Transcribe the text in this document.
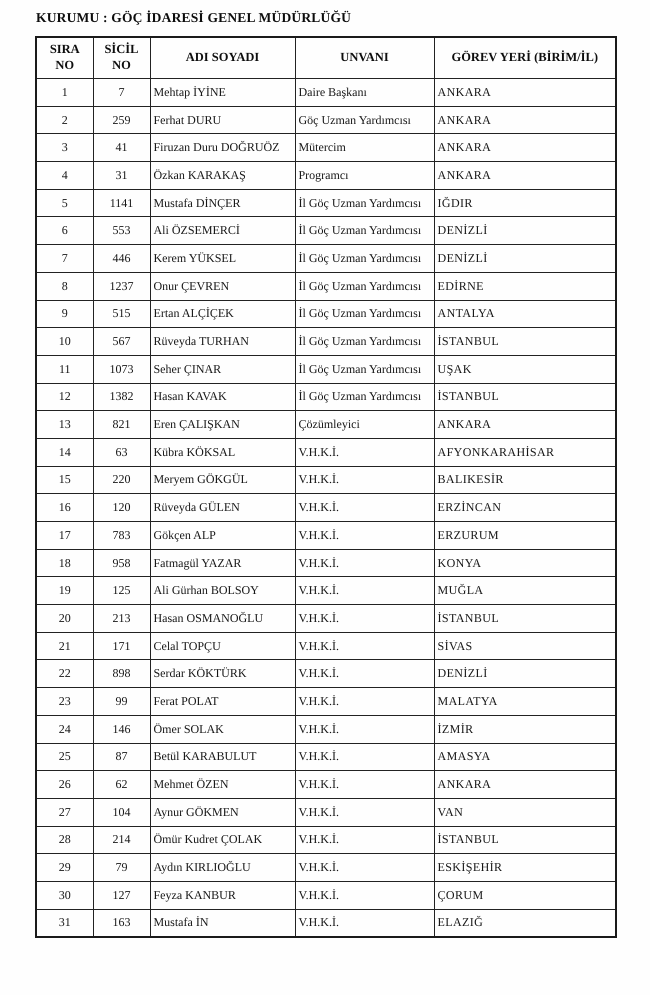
KURUMU : GÖÇ İDARESİ GENEL MÜDÜRLÜĞÜ
SIRA NO	SİCİL NO	ADI SOYADI	UNVANI	GÖREV YERİ (BİRİM/İL)
1	7	Mehtap İYİNE	Daire Başkanı	ANKARA
2	259	Ferhat DURU	Göç Uzman Yardımcısı	ANKARA
3	41	Firuzan Duru DOĞRUÖZ	Mütercim	ANKARA
4	31	Özkan KARAKAŞ	Programcı	ANKARA
5	1141	Mustafa DİNÇER	İl Göç Uzman Yardımcısı	IĞDIR
6	553	Ali ÖZSEMERCİ	İl Göç Uzman Yardımcısı	DENİZLİ
7	446	Kerem YÜKSEL	İl Göç Uzman Yardımcısı	DENİZLİ
8	1237	Onur ÇEVREN	İl Göç Uzman Yardımcısı	EDİRNE
9	515	Ertan ALÇİÇEK	İl Göç Uzman Yardımcısı	ANTALYA
10	567	Rüveyda TURHAN	İl Göç Uzman Yardımcısı	İSTANBUL
11	1073	Seher ÇINAR	İl Göç Uzman Yardımcısı	UŞAK
12	1382	Hasan KAVAK	İl Göç Uzman Yardımcısı	İSTANBUL
13	821	Eren ÇALIŞKAN	Çözümleyici	ANKARA
14	63	Kübra KÖKSAL	V.H.K.İ.	AFYONKARAHİSAR
15	220	Meryem GÖKGÜL	V.H.K.İ.	BALIKESİR
16	120	Rüveyda GÜLEN	V.H.K.İ.	ERZİNCAN
17	783	Gökçen ALP	V.H.K.İ.	ERZURUM
18	958	Fatmagül YAZAR	V.H.K.İ.	KONYA
19	125	Ali Gürhan BOLSOY	V.H.K.İ.	MUĞLA
20	213	Hasan OSMANOĞLU	V.H.K.İ.	İSTANBUL
21	171	Celal TOPÇU	V.H.K.İ.	SİVAS
22	898	Serdar KÖKTÜRK	V.H.K.İ.	DENİZLİ
23	99	Ferat POLAT	V.H.K.İ.	MALATYA
24	146	Ömer SOLAK	V.H.K.İ.	İZMİR
25	87	Betül KARABULUT	V.H.K.İ.	AMASYA
26	62	Mehmet ÖZEN	V.H.K.İ.	ANKARA
27	104	Aynur GÖKMEN	V.H.K.İ.	VAN
28	214	Ömür Kudret ÇOLAK	V.H.K.İ.	İSTANBUL
29	79	Aydın KIRLIOĞLU	V.H.K.İ.	ESKİŞEHİR
30	127	Feyza KANBUR	V.H.K.İ.	ÇORUM
31	163	Mustafa İN	V.H.K.İ.	ELAZIĞ
